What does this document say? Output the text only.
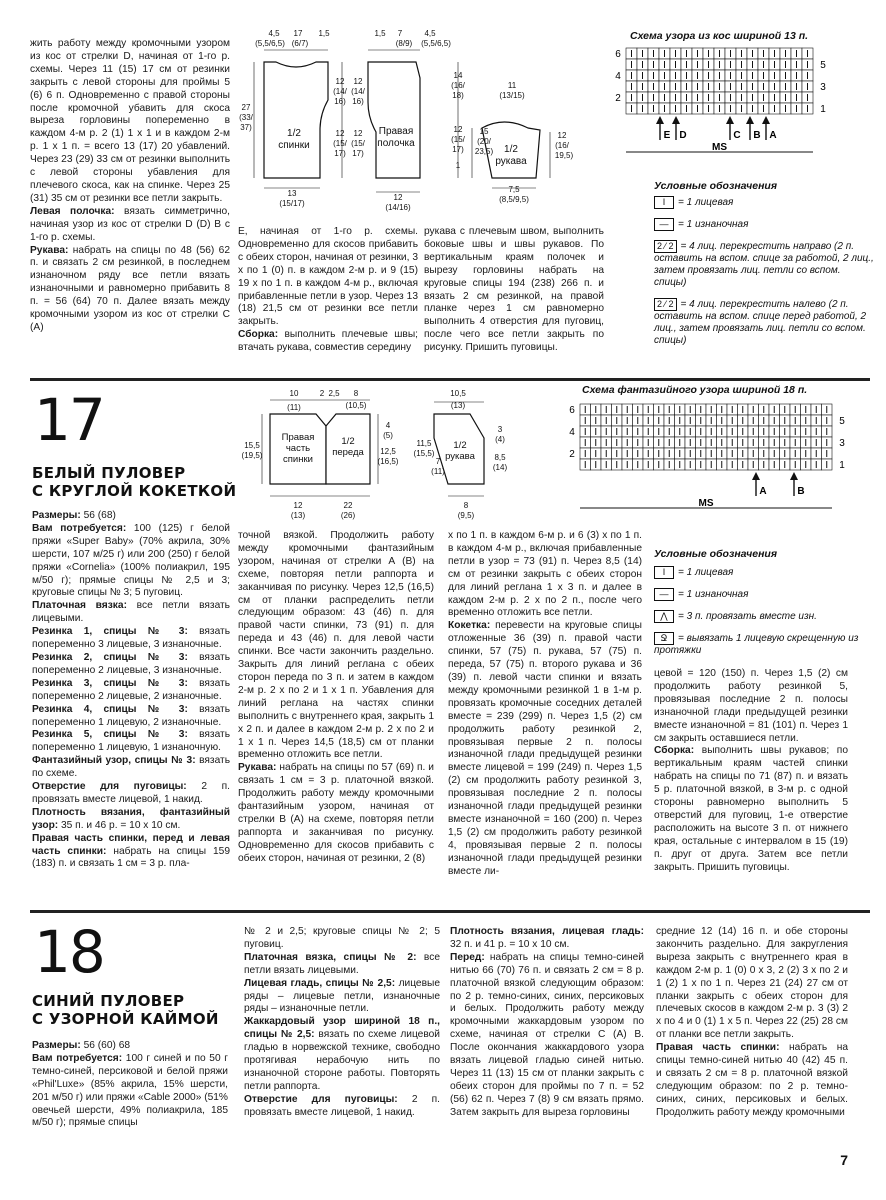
жить работу между кромочными узором из кос от стрелки D, начиная от 1-го р. схемы. Через 11 (15) 17 см от резинки закрыть с левой стороны для проймы 5 (6) 6 п. Одновременно с правой стороны после кромочной убавить для скоса выреза горловины попеременно в каждом 4-м р. 2 (1) 1 х 1 и в каждом 2-м р. 1 х 1 п. = всего 13 (17) 20 убавлений. Через 23 (29) 33 см от резинки выполнить с левой стороны убавления для плечевого скоса, как на спинке. Через 25 (31) 35 см от резинки все петли закрыть.

Левая полочка: вязать симметрично, начиная узор из кос от стрелки D (D) B с 1-го р. схемы.

Рукава: набрать на спицы по 48 (56) 62 п. и связать 2 см резинкой, в последнем изнаночном ряду все петли вязать изнаночными и равномерно прибавить 8 п. = 56 (64) 70 п. Далее вязать между кромочными узором из кос от стрелки С (А)

1/2
спинки
Правая
полочка
1/2
рукава
4,5
(5,5/6,5)
17
(6/7)
1,5	1,5 7
(8/9)
4,5
(5,5/6,5)
27
(33/
37)
12
(14/
16)
12
(15/
17)
12
(14/
16)
12
(15/
17)
14
(16/
18)
12
(15/
17)
1
11
(13/15)
15
(20/
23,5)
12
(16/
19,5)
7,5
(8,5/9,5)
13
(15/17)
12
(14/16)
Схема узора из кос шириной 13 п.
6
4
2
5
3
1
MS
E D	C B A
Условные обозначения
I = 1 лицевая
— = 1 изнаночная
2 ⁄ 2 = 4 лиц. перекрестить направо (2 п. оставить на вспом. спице за работой, 2 лиц., затем провязать лиц. петли со вспом. спицы)
2 ⁄ 2 = 4 лиц. перекрестить налево (2 п. оставить на вспом. спице перед работой, 2 лиц., затем провязать лиц. петли со вспом. спицы)

Е, начиная от 1-го р. схемы. Одновременно для скосов прибавить с обеих сторон, начиная от резинки, 3 х по 1 (0) п. в каждом 2-м р. и 9 (15) 19 х по 1 п. в каждом 4-м р., включая прибавленные петли в узор. Через 13 (18) 21,5 см от резинки все петли закрыть.

Сборка: выполнить плечевые швы; втачать рукава, совместив середину

рукава с плечевым швом, выполнить боковые швы и швы рукавов. По вертикальным краям полочек и вырезу горловины набрать на круговые спицы 194 (238) 266 п. и вязать 2 см резинкой, на правой планке через 1 см равномерно выполнить 4 отверстия для пуговиц, после чего все петли закрыть по рисунку. Пришить пуговицы.

17
БЕЛЫЙ ПУЛОВЕР
С КРУГЛОЙ КОКЕТКОЙ

Размеры: 56 (68)

Вам потребуется: 100 (125) г белой пряжи «Super Baby» (70% акрила, 30% шерсти, 107 м/25 г) или 200 (250) г белой пряжи «Cornelia» (100% полиакрил, 195 м/50 г); прямые спицы № 2,5 и 3; круговые спицы № 3; 5 пуговиц.

Платочная вязка: все петли вязать лицевыми.

Резинка 1, спицы № 3: вязать попеременно 3 лицевые, 3 изнаночные.

Резинка 2, спицы № 3: вязать попеременно 2 лицевые, 3 изнаночные.

Резинка 3, спицы № 3: вязать попеременно 2 лицевые, 2 изнаночные.

Резинка 4, спицы № 3: вязать попеременно 1 лицевую, 2 изнаночные.

Резинка 5, спицы № 3: вязать попеременно 1 лицевую, 1 изнаночную.

Фантазийный узор, спицы № 3: вязать по схеме.

Отверстие для пуговицы: 2 п. провязать вместе лицевой, 1 накид.

Плотность вязания, фантазийный узор: 35 п. и 46 р. = 10 х 10 см.

Правая часть спинки, перед и левая часть спинки: набрать на спицы 159 (183) п. и связать 1 см = 3 р. пла-

Правая
часть
спинки
1/2
переда
1/2
рукава
10
(11)
2 2,5 8
(10,5)
10,5
(13)
15,5
(19,5)
4
(5)
12,5
(16,5)
11,5
(15,5)
7
(11)
3
(4)
8,5
(14)
12
(13)
22
(26)
8
(9,5)
Схема фантазийного узора шириной 18 п.
6
4
2
5
3
1
MS
A	B
Условные обозначения
I = 1 лицевая
— = 1 изнаночная
⋀ = 3 п. провязать вместе изн.
Ջ = вывязать 1 лицевую скрещенную из протяжки

точной вязкой. Продолжить работу между кромочными фантазийным узором, начиная от стрелки А (В) на схеме, повторяя петли раппорта и заканчивая по рисунку. Через 12,5 (16,5) см от планки распределить петли следующим образом: 43 (46) п. для правой части спинки, 73 (91) п. для переда и 43 (46) п. для левой части спинки. Все части закончить раздельно. Закрыть для линий реглана с обеих сторон передa по 3 п. и затем в каждом 2-м р. 2 х по 2 и 1 х 1 п. Убавления для линий реглана на частях спинки выполнить с внутреннего края, закрыть 1 х 2 п. и далее в каждом 2-м р. 2 х по 2 и 1 х 1 п. Через 14,5 (18,5) см от планки временно отложить все петли.

Рукава: набрать на спицы по 57 (69) п. и связать 1 см = 3 р. платочной вязкой. Продолжить работу между кромочными фантазийным узором, начиная от стрелки В (А) на схеме, повторяя петли раппорта и заканчивая по рисунку. Одновременно для скосов прибавить с обеих сторон, начиная от резинки, 2 (8)

х по 1 п. в каждом 6-м р. и 6 (3) х по 1 п. в каждом 4-м р., включая прибавленные петли в узор = 73 (91) п. Через 8,5 (14) см от резинки закрыть с обеих сторон для линий реглана 1 х 3 п. и далее в каждом 2-м р. 2 х по 2 п., после чего временно отложить все петли.

Кокетка: перевести на круговые спицы отложенные 36 (39) п. правой части спинки, 57 (75) п. рукава, 57 (75) п. переда, 57 (75) п. второго рукава и 36 (39) п. левой части спинки и вязать между кромочными резинкой 1 в 1-м р. провязать кромочные соседних деталей вместе = 239 (299) п. Через 1,5 (2) см продолжить работу резинкой 2, провязывая первые 2 п. полосы изнаночной глади предыдущей резинки вместе лицевой = 199 (249) п. Через 1,5 (2) см продолжить работу резинкой 3, провязывая последние 2 п. полосы изнаночной глади предыдущей резинки вместе изнаночной = 160 (200) п. Через 1,5 (2) см продолжить работу резинкой 4, провязывая первые 2 п. полосы изнаночной глади предыдущей резинки вместе ли-

цевой = 120 (150) п. Через 1,5 (2) см продолжить работу резинкой 5, провязывая последние 2 п. полосы изнаночной глади предыдущей резинки вместе изнаночной = 81 (101) п. Через 1 см закрыть оставшиеся петли.

Сборка: выполнить швы рукавов; по вертикальным краям частей спинки набрать на спицы по 71 (87) п. и вязать 5 р. платочной вязкой, в 3-м р. с одной стороны равномерно выполнить 5 отверстий для пуговиц, 1-е отверстие расположить на высоте 3 п. от нижнего края, остальные с интервалом в 15 (19) п. друг от друга. Затем все петли закрыть. Пришить пуговицы.

18
СИНИЙ ПУЛОВЕР
С УЗОРНОЙ КАЙМОЙ

Размеры: 56 (60) 68

Вам потребуется: 100 г синей и по 50 г темно-синей, персиковой и белой пряжи «Phil'Luxe» (85% акрила, 15% шерсти, 201 м/50 г) или пряжи «Cable 2000» (51% овечьей шерсти, 49% полиакрила, 185 м/50 г); прямые спицы

№ 2 и 2,5; круговые спицы № 2; 5 пуговиц.

Платочная вязка, спицы № 2: все петли вязать лицевыми.

Лицевая гладь, спицы № 2,5: лицевые ряды – лицевые петли, изнаночные ряды – изнаночные петли.

Жаккардовый узор шириной 18 п., спицы № 2,5: вязать по схеме лицевой гладью в норвежской технике, свободно протягивая нерабочую нить по изнаночной стороне работы. Повторять петли раппорта.

Отверстие для пуговицы: 2 п. провязать вместе лицевой, 1 накид.

Плотность вязания, лицевая гладь: 32 п. и 41 р. = 10 х 10 см.

Перед: набрать на спицы темно-синей нитью 66 (70) 76 п. и связать 2 см = 8 р. платочной вязкой следующим образом: по 2 р. темно-синих, синих, персиковых и белых. Продолжить работу между кромочными жаккардовым узором по схеме, начиная от стрелки С (А) В. После окончания жаккардового узора вязать лицевой гладью синей нитью. Через 11 (13) 15 см от планки закрыть с обеих сторон для проймы по 7 п. = 52 (56) 62 п. Через 7 (8) 9 см вязать прямо. Затем закрыть для выреза горловины

средние 12 (14) 16 п. и обе стороны закончить раздельно. Для закругления выреза закрыть с внутреннего края в каждом 2-м р. 1 (0) 0 х 3, 2 (2) 3 х по 2 и 1 (2) 1 х по 1 п. Через 21 (24) 27 см от планки закрыть с обеих сторон для плечевых скосов в каждом 2-м р. 3 (3) 2 х по 4 и 0 (1) 1 х 5 п. Через 22 (25) 28 см от планки все петли закрыть.

Правая часть спинки: набрать на спицы темно-синей нитью 40 (42) 45 п. и связать 2 см = 8 р. платочной вязкой следующим образом: по 2 р. темно-синих, синих, персиковых и белых. Продолжить работу между кромочными

7
